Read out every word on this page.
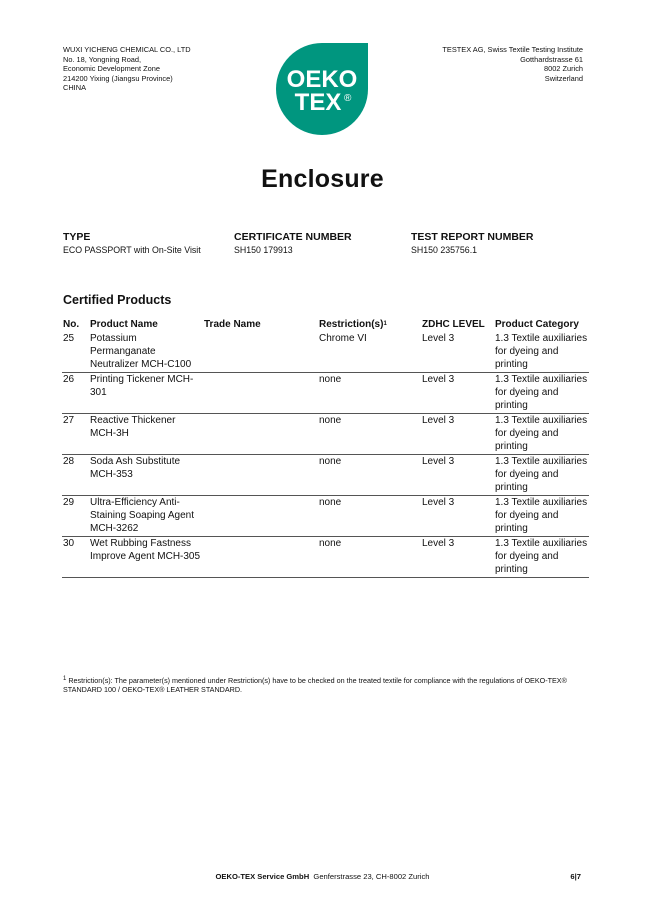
WUXI YICHENG CHEMICAL CO., LTD
No. 18, Yongning Road,
Economic Development Zone
214200 Yixing (Jiangsu Province)
CHINA	OEKO
TEX ®
TESTEX AG, Swiss Textile Testing Institute
Gotthardstrasse 61
8002 Zurich
Switzerland
Enclosure
TYPE
ECO PASSPORT with On-Site Visit
CERTIFICATE NUMBER
SH150 179913
TEST REPORT NUMBER
SH150 235756.1
Certified Products
No.	Product Name	Trade Name	$Restriction(s)^1$	ZDHC LEVEL	Product Category
25	Potassium Permanganate Neutralizer MCH-C100		Chrome VI	Level 3	1.3 Textile auxiliaries for dyeing and printing
26	Printing Tickener MCH-301		none	Level 3	1.3 Textile auxiliaries for dyeing and printing
27	Reactive Thickener MCH-3H		none	Level 3	1.3 Textile auxiliaries for dyeing and printing
28	Soda Ash Substitute MCH-353		none	Level 3	1.3 Textile auxiliaries for dyeing and printing
29	Ultra-Efficiency Anti-Staining Soaping Agent MCH-3262		none	Level 3	1.3 Textile auxiliaries for dyeing and printing
30	Wet Rubbing Fastness Improve Agent MCH-305		none	Level 3	1.3 Textile auxiliaries for dyeing and printing
$^1$ Restriction(s): The parameter(s) mentioned under Restriction(s) have to be checked on the treated textile for compliance with the regulations of OEKO-TEX® STANDARD 100 / OEKO-TEX® LEATHER STANDARD.
OEKO-TEX Service GmbH Genferstrasse 23, CH-8002 Zurich	6|7
